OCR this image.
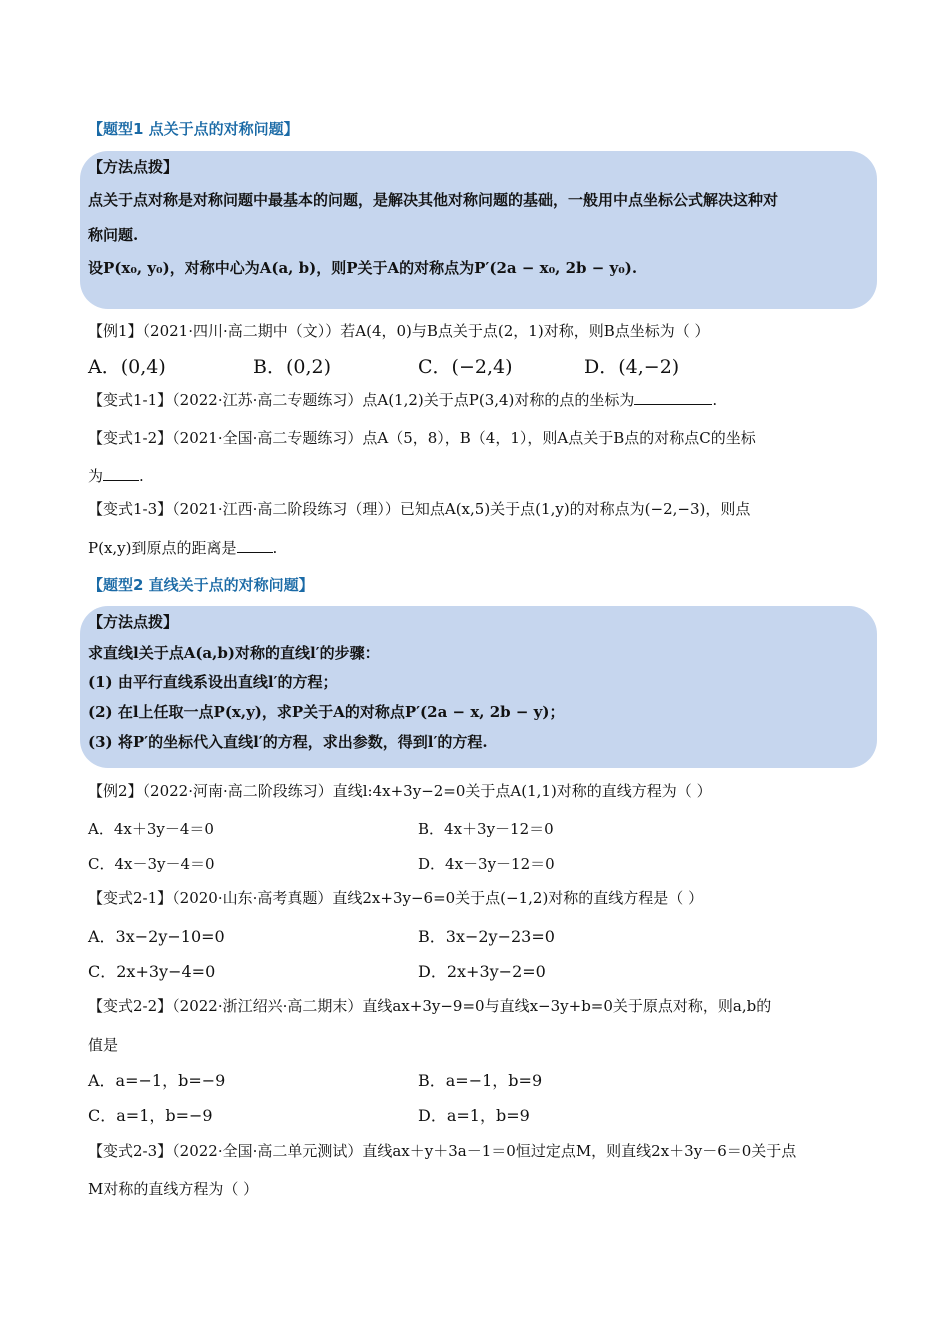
【题型1 点关于点的对称问题】
【方法点拨】
点关于点对称是对称问题中最基本的问题，是解决其他对称问题的基础，一般用中点坐标公式解决这种对
称问题.
设P(x₀, y₀)，对称中心为A(a, b)，则P关于A的对称点为P′(2a − x₀, 2b − y₀).
【例1】（2021·四川·高二期中（文））若A(4，0)与B点关于点(2，1)对称，则B点坐标为（ ）
A．(0,4)	B．(0,2)	C．(−2,4)	D．(4,−2)
【变式1-1】（2022·江苏·高二专题练习）点A(1,2)关于点P(3,4)对称的点的坐标为	.
【变式1-2】（2021·全国·高二专题练习）点A（5，8），B（4，1），则A点关于B点的对称点C的坐标
为 .
【变式1-3】（2021·江西·高二阶段练习（理））已知点A(x,5)关于点(1,y)的对称点为(−2,−3)，则点
P(x,y)到原点的距离是 .
【题型2 直线关于点的对称问题】
【方法点拨】
求直线l关于点A(a,b)对称的直线l′的步骤：
(1) 由平行直线系设出直线l′的方程；
(2) 在l上任取一点P(x,y)，求P关于A的对称点P′(2a − x, 2b − y)；
(3) 将P′的坐标代入直线l′的方程，求出参数，得到l′的方程.
【例2】（2022·河南·高二阶段练习）直线l:4x+3y−2=0关于点A(1,1)对称的直线方程为（ ）
A．4x＋3y－4＝0	B．4x＋3y－12＝0
C．4x－3y－4＝0	D．4x－3y－12＝0
【变式2-1】（2020·山东·高考真题）直线2x+3y−6=0关于点(−1,2)对称的直线方程是（ ）
A．3x−2y−10=0	B．3x−2y−23=0
C．2x+3y−4=0	D．2x+3y−2=0
【变式2-2】（2022·浙江绍兴·高二期末）直线ax+3y−9=0与直线x−3y+b=0关于原点对称，则a,b的
值是
A．a=−1，b=−9	B．a=−1，b=9
C．a=1，b=−9	D．a=1，b=9
【变式2-3】（2022·全国·高二单元测试）直线ax＋y＋3a－1＝0恒过定点M，则直线2x＋3y－6＝0关于点
M对称的直线方程为（ ）
